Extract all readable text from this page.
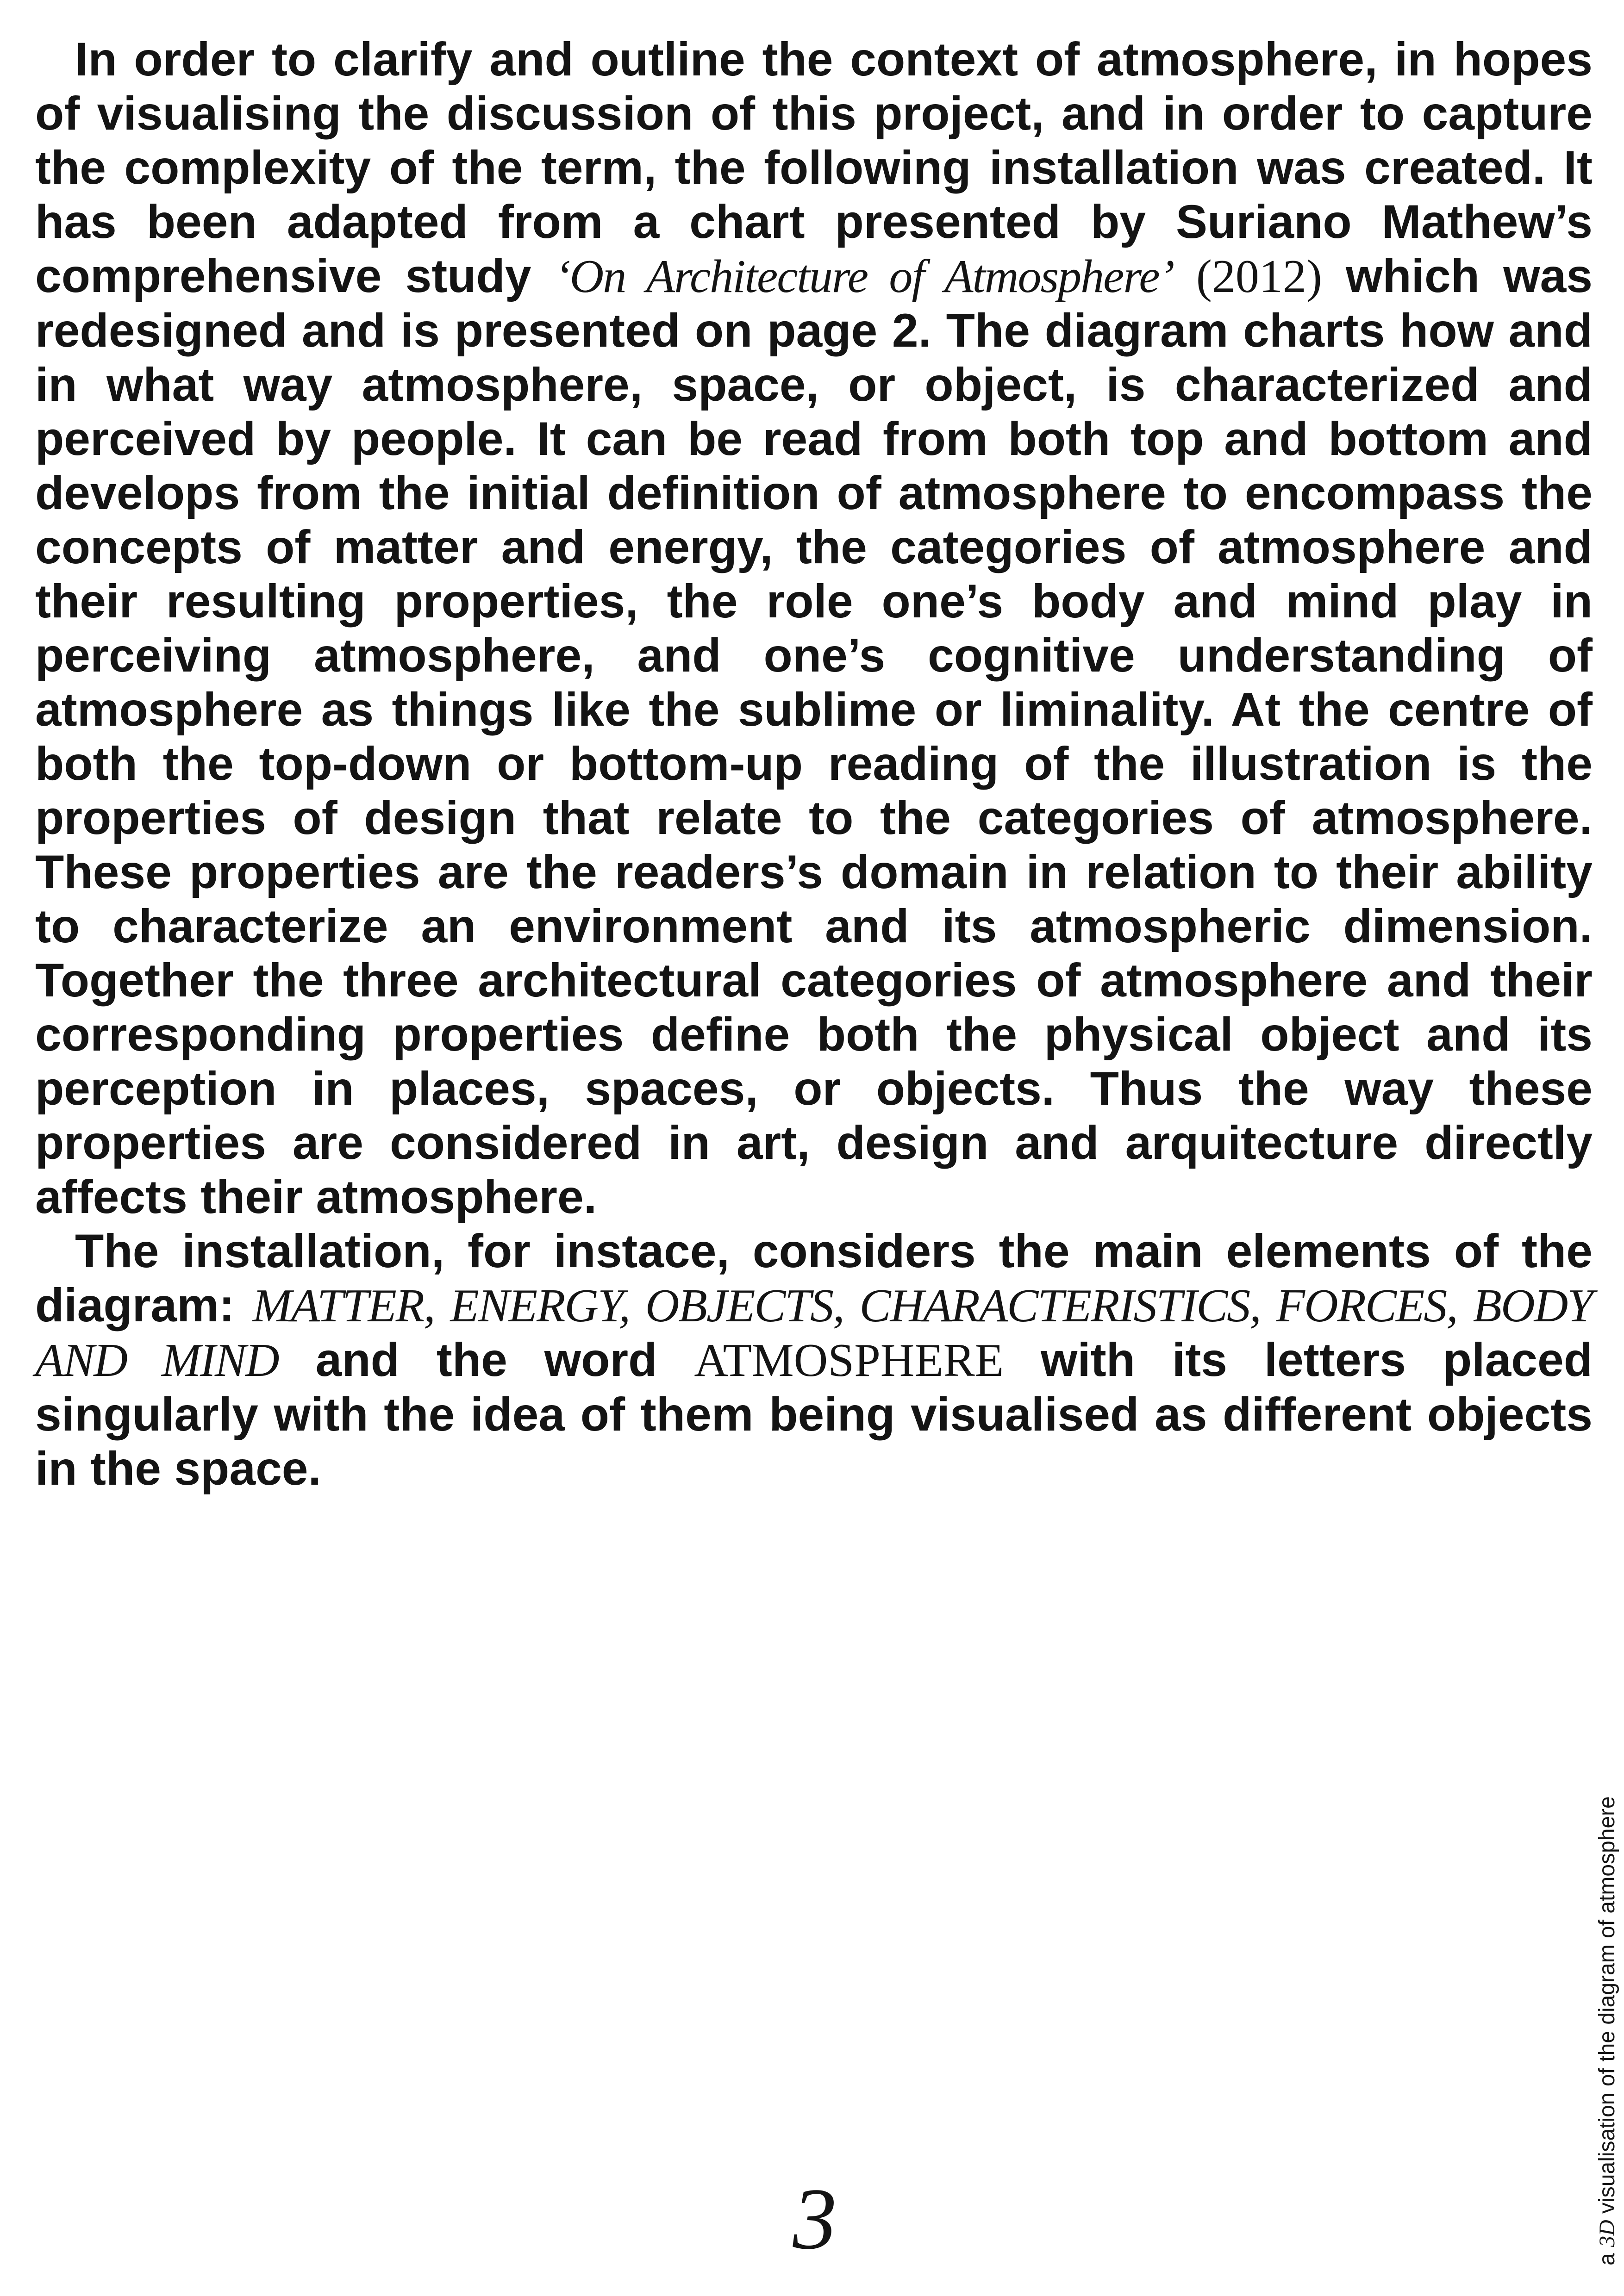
In order to clarify and outline the context of atmosphere, in hopes of visualising the discussion of this project, and in order to capture the complexity of the term, the following installation was created. It has been adapted from a chart presented by Suriano Mathew’s comprehensive study ‘On Architecture of Atmosphere’ (2012) which was redesigned and is presented on page 2. The diagram charts how and in what way atmosphere, space, or object, is characterized and perceived by people. It can be read from both top and bottom and develops from the initial definition of atmosphere to encompass the concepts of matter and energy, the categories of atmosphere and their resulting properties, the role one’s body and mind play in perceiving atmosphere, and one’s cognitive understanding of atmosphere as things like the sublime or liminality. At the centre of both the top-down or bottom-up reading of the illustration is the properties of design that relate to the categories of atmosphere. These properties are the readers’s domain in relation to their ability to characterize an environment and its atmospheric dimension. Together the three architectural categories of atmosphere and their corresponding properties define both the physical object and its perception in places, spaces, or objects. Thus the way these properties are considered in art, design and arquitecture directly affects their atmosphere.

The installation, for instace, considers the main elements of the diagram: MATTER, ENERGY, OBJECTS, CHARACTERISTICS, FORCES, BODY AND MIND and the word ATMOSPHERE with its letters placed singularly with the idea of them being visualised as different objects in the space.

3	a 3D visualisation of the diagram of atmosphere
